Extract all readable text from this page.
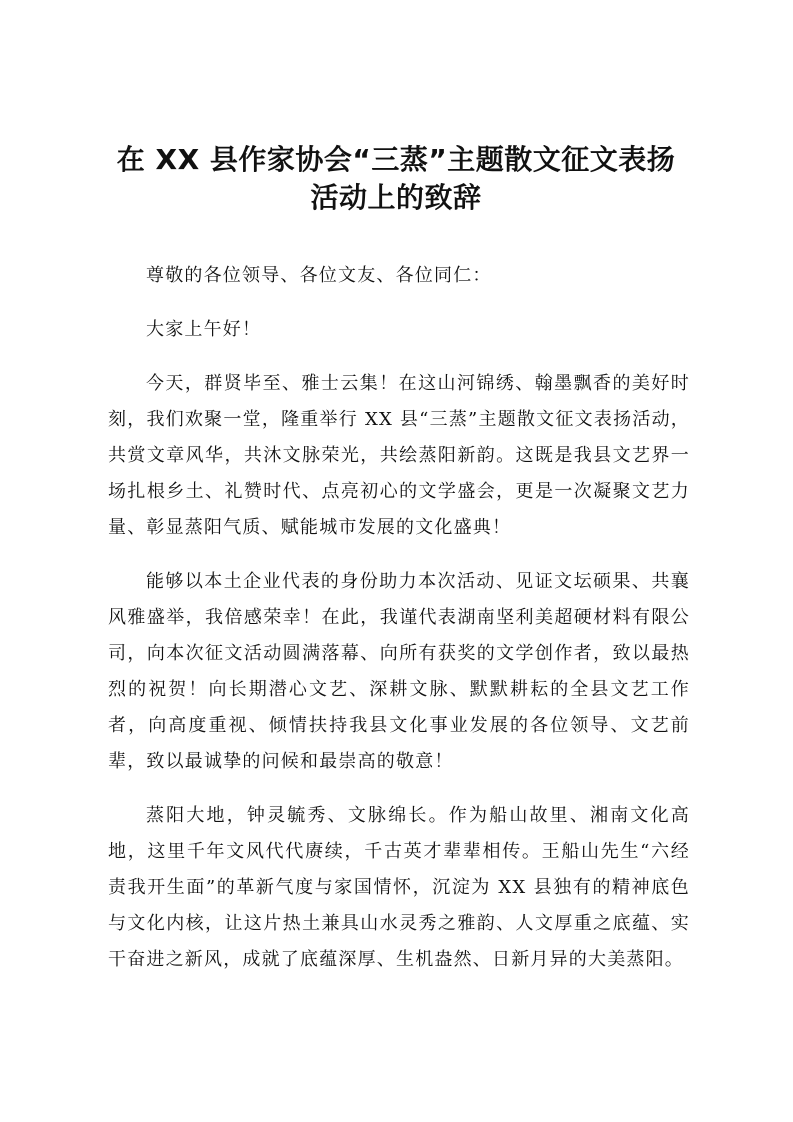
在 XX 县作家协会“三蒸”主题散文征文表扬
活动上的致辞

尊敬的各位领导、各位文友、各位同仁：

大家上午好！

今天，群贤毕至、雅士云集！在这山河锦绣、翰墨飘香的美好时刻，我们欢聚一堂，隆重举行 XX 县“三蒸”主题散文征文表扬活动，共赏文章风华，共沐文脉荣光，共绘蒸阳新韵。这既是我县文艺界一场扎根乡土、礼赞时代、点亮初心的文学盛会，更是一次凝聚文艺力量、彰显蒸阳气质、赋能城市发展的文化盛典！

能够以本土企业代表的身份助力本次活动、见证文坛硕果、共襄风雅盛举，我倍感荣幸！在此，我谨代表湖南坚利美超硬材料有限公司，向本次征文活动圆满落幕、向所有获奖的文学创作者，致以最热烈的祝贺！向长期潜心文艺、深耕文脉、默默耕耘的全县文艺工作者，向高度重视、倾情扶持我县文化事业发展的各位领导、文艺前辈，致以最诚挚的问候和最崇高的敬意！

蒸阳大地，钟灵毓秀、文脉绵长。作为船山故里、湘南文化高地，这里千年文风代代赓续，千古英才辈辈相传。王船山先生“六经责我开生面”的革新气度与家国情怀，沉淀为 XX 县独有的精神底色与文化内核，让这片热土兼具山水灵秀之雅韵、人文厚重之底蕴、实干奋进之新风，成就了底蕴深厚、生机盎然、日新月异的大美蒸阳。
